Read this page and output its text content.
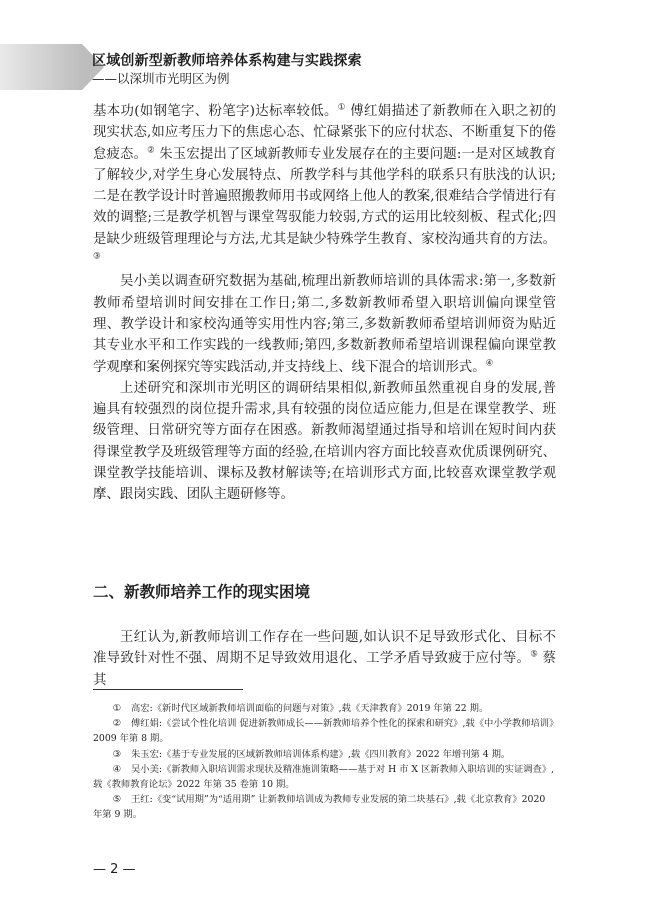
区域创新型新教师培养体系构建与实践探索
——以深圳市光明区为例

基本功(如钢笔字、粉笔字)达标率较低。① 傅红娟描述了新教师在入职之初的现实状态,如应考压力下的焦虑心态、忙碌紧张下的应付状态、不断重复下的倦怠疲态。② 朱玉宏提出了区域新教师专业发展存在的主要问题:一是对区域教育了解较少,对学生身心发展特点、所教学科与其他学科的联系只有肤浅的认识;二是在教学设计时普遍照搬教师用书或网络上他人的教案,很难结合学情进行有效的调整;三是教学机智与课堂驾驭能力较弱,方式的运用比较刻板、程式化;四是缺少班级管理理论与方法,尤其是缺少特殊学生教育、家校沟通共育的方法。③

吴小美以调查研究数据为基础,梳理出新教师培训的具体需求:第一,多数新教师希望培训时间安排在工作日;第二,多数新教师希望入职培训偏向课堂管理、教学设计和家校沟通等实用性内容;第三,多数新教师希望培训师资为贴近其专业水平和工作实践的一线教师;第四,多数新教师希望培训课程偏向课堂教学观摩和案例探究等实践活动,并支持线上、线下混合的培训形式。④

上述研究和深圳市光明区的调研结果相似,新教师虽然重视自身的发展,普遍具有较强烈的岗位提升需求,具有较强的岗位适应能力,但是在课堂教学、班级管理、日常研究等方面存在困惑。新教师渴望通过指导和培训在短时间内获得课堂教学及班级管理等方面的经验,在培训内容方面比较喜欢优质课例研究、课堂教学技能培训、课标及教材解读等;在培训形式方面,比较喜欢课堂教学观摩、跟岗实践、团队主题研修等。

二、新教师培养工作的现实困境

王红认为,新教师培训工作存在一些问题,如认识不足导致形式化、目标不准导致针对性不强、周期不足导致效用退化、工学矛盾导致疲于应付等。⑤ 蔡其

① 高宏:《新时代区域新教师培训面临的问题与对策》,载《天津教育》2019 年第 22 期。

② 傅红娟:《尝试个性化培训 促进新教师成长——新教师培养个性化的探索和研究》,载《中小学教师培训》2009 年第 8 期。

③ 朱玉宏:《基于专业发展的区域新教师培训体系构建》,载《四川教育》2022 年增刊第 4 期。

④ 吴小美:《新教师入职培训需求现状及精准施训策略——基于对 H 市 X 区新教师入职培训的实证调查》,载《教师教育论坛》2022 年第 35 卷第 10 期。

⑤ 王红:《变“试用期”为“适用期” 让新教师培训成为教师专业发展的第二块基石》,载《北京教育》2020 年第 9 期。

— 2 —
